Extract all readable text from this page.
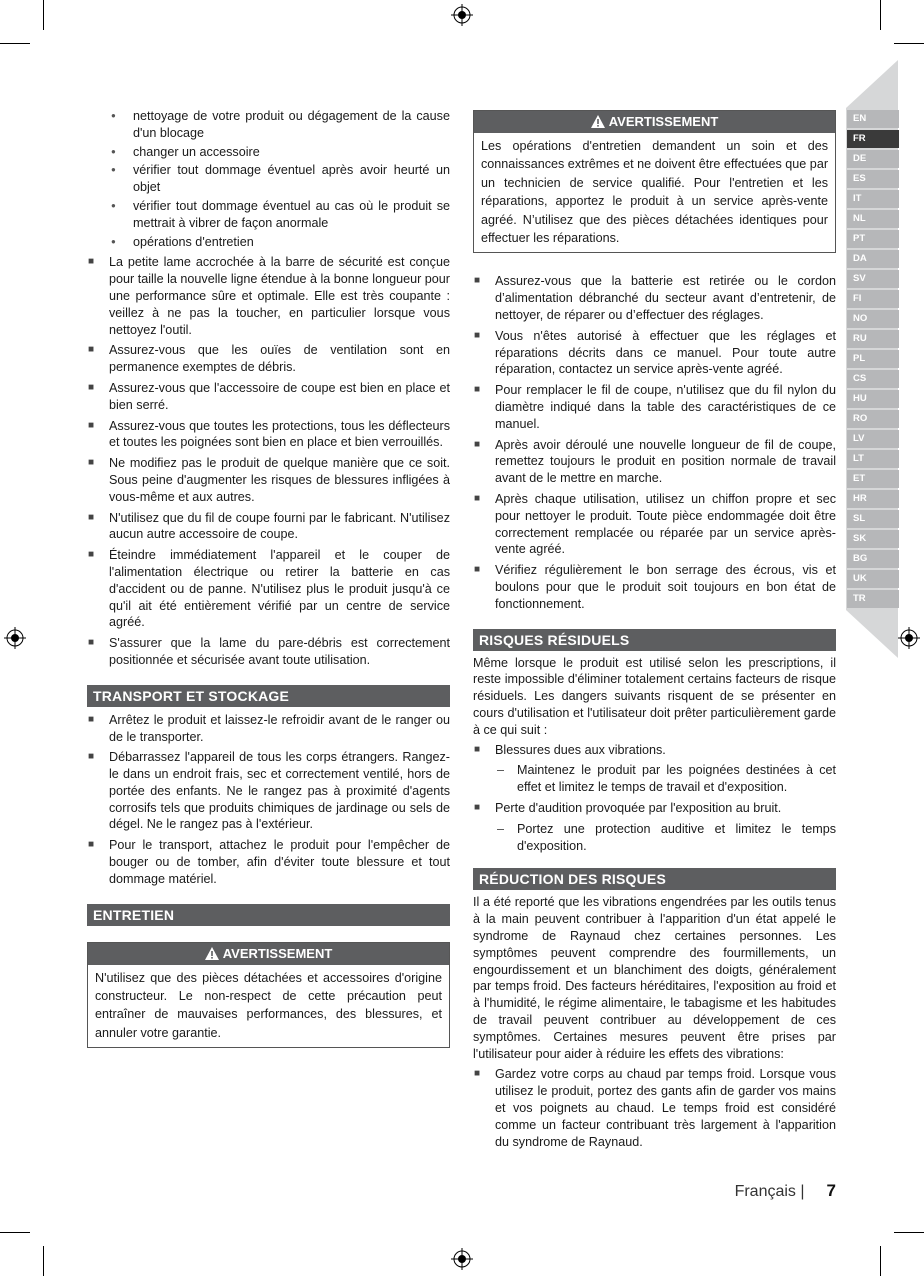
EN
FR
DE
ES
IT
NL
PT
DA
SV
FI
NO
RU
PL
CS
HU
RO
LV
LT
ET
HR
SL
SK
BG
UK
TR
● nettoyage de votre produit ou dégagement de la cause d'un blocage
● changer un accessoire
● vérifier tout dommage éventuel après avoir heurté un objet
● vérifier tout dommage éventuel au cas où le produit se mettrait à vibrer de façon anormale
● opérations d'entretien
■ La petite lame accrochée à la barre de sécurité est conçue pour taille la nouvelle ligne étendue à la bonne longueur pour une performance sûre et optimale. Elle est très coupante : veillez à ne pas la toucher, en particulier lorsque vous nettoyez l'outil.
■ Assurez-vous que les ouïes de ventilation sont en permanence exemptes de débris.
■ Assurez-vous que l'accessoire de coupe est bien en place et bien serré.
■ Assurez-vous que toutes les protections, tous les déflecteurs et toutes les poignées sont bien en place et bien verrouillés.
■ Ne modifiez pas le produit de quelque manière que ce soit. Sous peine d'augmenter les risques de blessures infligées à vous-même et aux autres.
■ N'utilisez que du fil de coupe fourni par le fabricant. N'utilisez aucun autre accessoire de coupe.
■ Éteindre immédiatement l'appareil et le couper de l'alimentation électrique ou retirer la batterie en cas d'accident ou de panne. N'utilisez plus le produit jusqu'à ce qu'il ait été entièrement vérifié par un centre de service agréé.
■ S'assurer que la lame du pare-débris est correctement positionnée et sécurisée avant toute utilisation.
TRANSPORT ET STOCKAGE
■ Arrêtez le produit et laissez-le refroidir avant de le ranger ou de le transporter.
■ Débarrassez l'appareil de tous les corps étrangers. Rangez-le dans un endroit frais, sec et correctement ventilé, hors de portée des enfants. Ne le rangez pas à proximité d'agents corrosifs tels que produits chimiques de jardinage ou sels de dégel. Ne le rangez pas à l'extérieur.
■ Pour le transport, attachez le produit pour l'empêcher de bouger ou de tomber, afin d'éviter toute blessure et tout dommage matériel.
ENTRETIEN
AVERTISSEMENT
N'utilisez que des pièces détachées et accessoires d'origine constructeur. Le non-respect de cette précaution peut entraîner de mauvaises performances, des blessures, et annuler votre garantie.
AVERTISSEMENT
Les opérations d'entretien demandent un soin et des connaissances extrêmes et ne doivent être effectuées que par un technicien de service qualifié. Pour l'entretien et les réparations, apportez le produit à un service après-vente agréé. N’utilisez que des pièces détachées identiques pour effectuer les réparations.
■ Assurez-vous que la batterie est retirée ou le cordon d’alimentation débranché du secteur avant d’entretenir, de nettoyer, de réparer ou d’effectuer des réglages.
■ Vous n'êtes autorisé à effectuer que les réglages et réparations décrits dans ce manuel. Pour toute autre réparation, contactez un service après-vente agréé.
■ Pour remplacer le fil de coupe, n'utilisez que du fil nylon du diamètre indiqué dans la table des caractéristiques de ce manuel.
■ Après avoir déroulé une nouvelle longueur de fil de coupe, remettez toujours le produit en position normale de travail avant de le mettre en marche.
■ Après chaque utilisation, utilisez un chiffon propre et sec pour nettoyer le produit. Toute pièce endommagée doit être correctement remplacée ou réparée par un service après-vente agréé.
■ Vérifiez régulièrement le bon serrage des écrous, vis et boulons pour que le produit soit toujours en bon état de fonctionnement.
RISQUES RÉSIDUELS

Même lorsque le produit est utilisé selon les prescriptions, il reste impossible d'éliminer totalement certains facteurs de risque résiduels. Les dangers suivants risquent de se présenter en cours d'utilisation et l'utilisateur doit prêter particulièrement garde à ce qui suit :

■ Blessures dues aux vibrations.
– Maintenez le produit par les poignées destinées à cet effet et limitez le temps de travail et d'exposition.
■ Perte d'audition provoquée par l'exposition au bruit.
– Portez une protection auditive et limitez le temps d'exposition.
RÉDUCTION DES RISQUES

Il a été reporté que les vibrations engendrées par les outils tenus à la main peuvent contribuer à l'apparition d'un état appelé le syndrome de Raynaud chez certaines personnes. Les symptômes peuvent comprendre des fourmillements, un engourdissement et un blanchiment des doigts, généralement par temps froid. Des facteurs héréditaires, l'exposition au froid et à l'humidité, le régime alimentaire, le tabagisme et les habitudes de travail peuvent contribuer au développement de ces symptômes. Certaines mesures peuvent être prises par l'utilisateur pour aider à réduire les effets des vibrations:

■ Gardez votre corps au chaud par temps froid. Lorsque vous utilisez le produit, portez des gants afin de garder vos mains et vos poignets au chaud. Le temps froid est considéré comme un facteur contribuant très largement à l'apparition du syndrome de Raynaud.
Français | 7
